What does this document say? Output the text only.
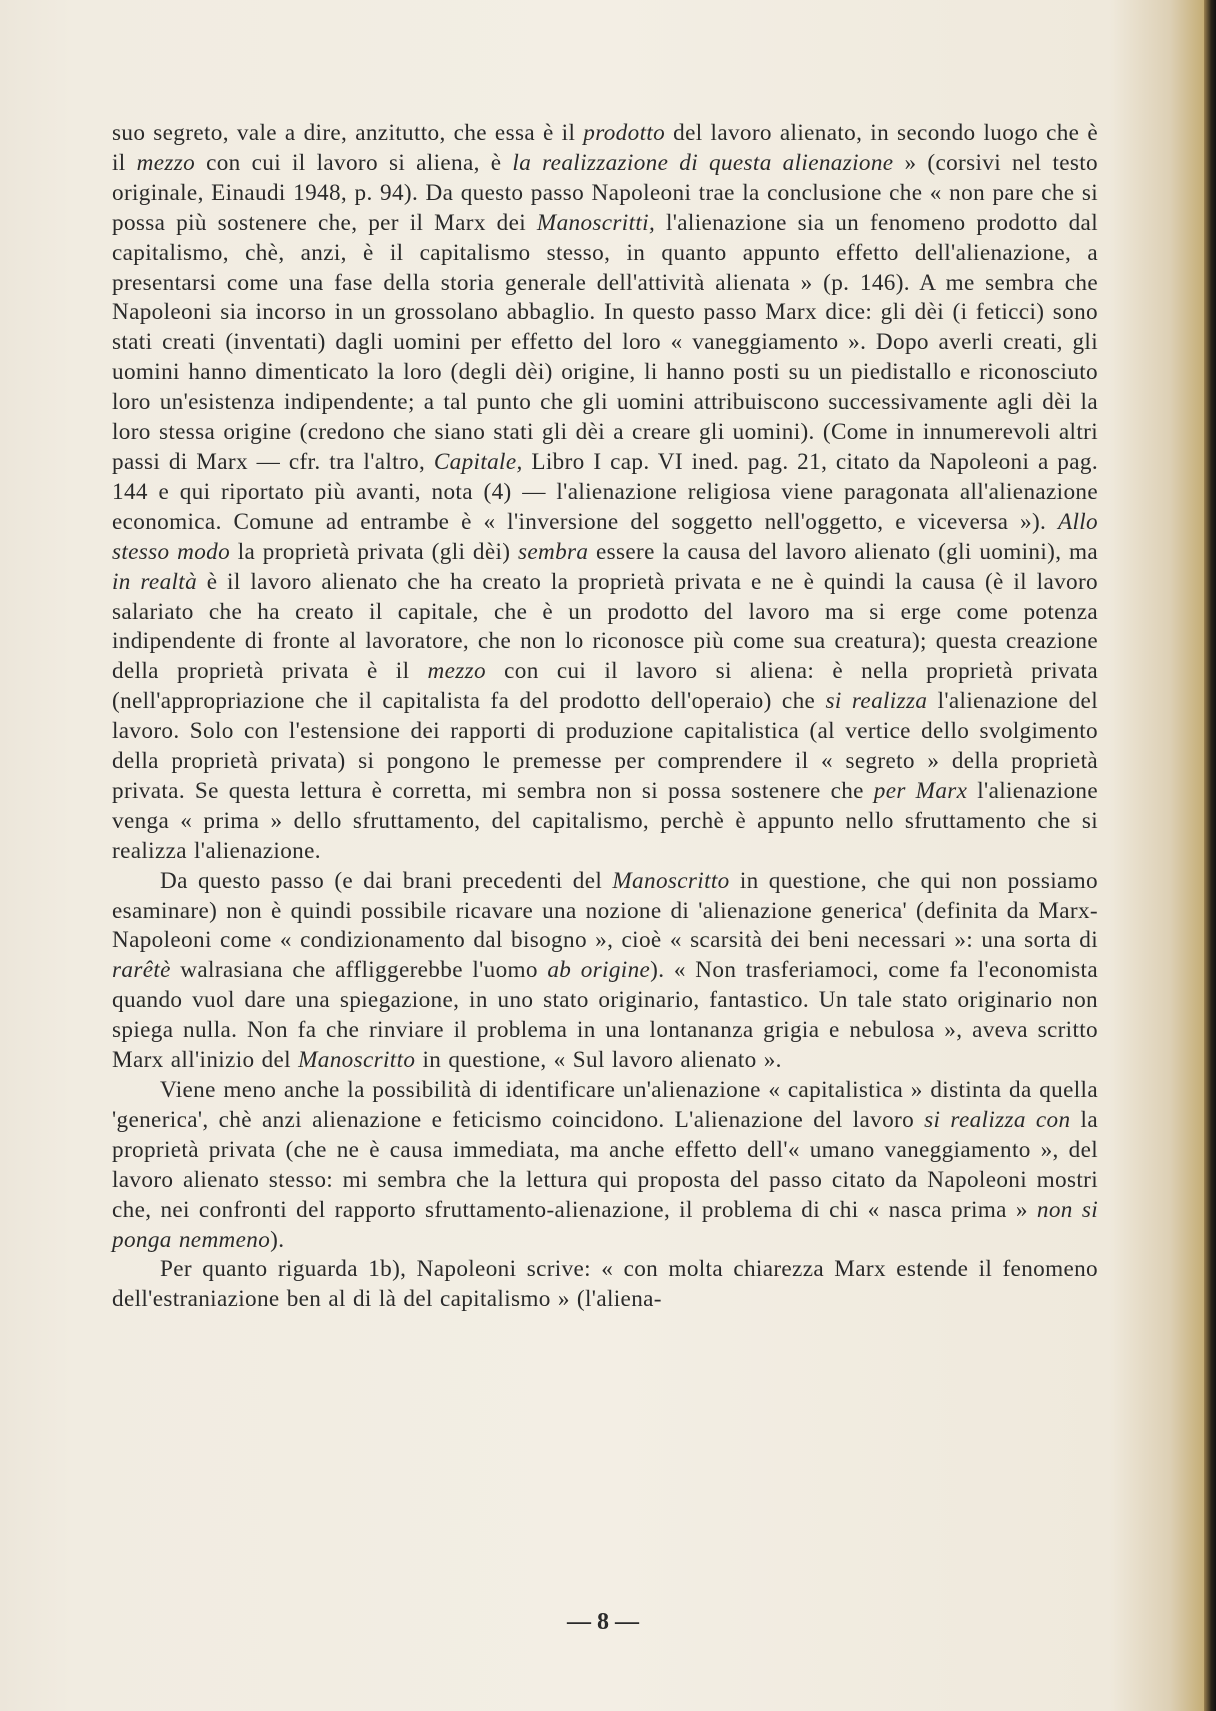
suo segreto, vale a dire, anzitutto, che essa è il prodotto del lavoro alienato, in secondo luogo che è il mezzo con cui il lavoro si aliena, è la realizzazione di questa alienazione » (corsivi nel testo originale, Einaudi 1948, p. 94). Da questo passo Napoleoni trae la conclusione che « non pare che si possa più sostenere che, per il Marx dei Manoscritti, l'alienazione sia un fenomeno prodotto dal capitalismo, chè, anzi, è il capitalismo stesso, in quanto appunto effetto dell'alienazione, a presentarsi come una fase della storia generale dell'attività alienata » (p. 146). A me sembra che Napoleoni sia incorso in un grossolano abbaglio. In questo passo Marx dice: gli dèi (i feticci) sono stati creati (inventati) dagli uomini per effetto del loro « vaneggiamento ». Dopo averli creati, gli uomini hanno dimenticato la loro (degli dèi) origine, li hanno posti su un piedistallo e riconosciuto loro un'esistenza indipendente; a tal punto che gli uomini attribuiscono successivamente agli dèi la loro stessa origine (credono che siano stati gli dèi a creare gli uomini). (Come in innumerevoli altri passi di Marx — cfr. tra l'altro, Capitale, Libro I cap. VI ined. pag. 21, citato da Napoleoni a pag. 144 e qui riportato più avanti, nota (4) — l'alienazione religiosa viene paragonata all'alienazione economica. Comune ad entrambe è « l'inversione del soggetto nell'oggetto, e viceversa »). Allo stesso modo la proprietà privata (gli dèi) sembra essere la causa del lavoro alienato (gli uomini), ma in realtà è il lavoro alienato che ha creato la proprietà privata e ne è quindi la causa (è il lavoro salariato che ha creato il capitale, che è un prodotto del lavoro ma si erge come potenza indipendente di fronte al lavoratore, che non lo riconosce più come sua creatura); questa creazione della proprietà privata è il mezzo con cui il lavoro si aliena: è nella proprietà privata (nell'appropriazione che il capitalista fa del prodotto dell'operaio) che si realizza l'alienazione del lavoro. Solo con l'estensione dei rapporti di produzione capitalistica (al vertice dello svolgimento della proprietà privata) si pongono le premesse per comprendere il « segreto » della proprietà privata. Se questa lettura è corretta, mi sembra non si possa sostenere che per Marx l'alienazione venga « prima » dello sfruttamento, del capitalismo, perchè è appunto nello sfruttamento che si realizza l'alienazione.

Da questo passo (e dai brani precedenti del Manoscritto in questione, che qui non possiamo esaminare) non è quindi possibile ricavare una nozione di 'alienazione generica' (definita da Marx-Napoleoni come « condizionamento dal bisogno », cioè « scarsità dei beni necessari »: una sorta di rarêtè walrasiana che affliggerebbe l'uomo ab origine). « Non trasferiamoci, come fa l'economista quando vuol dare una spiegazione, in uno stato originario, fantastico. Un tale stato originario non spiega nulla. Non fa che rinviare il problema in una lontananza grigia e nebulosa », aveva scritto Marx all'inizio del Manoscritto in questione, « Sul lavoro alienato ».

Viene meno anche la possibilità di identificare un'alienazione « capitalistica » distinta da quella 'generica', chè anzi alienazione e feticismo coincidono. L'alienazione del lavoro si realizza con la proprietà privata (che ne è causa immediata, ma anche effetto dell'« umano vaneggiamento », del lavoro alienato stesso: mi sembra che la lettura qui proposta del passo citato da Napoleoni mostri che, nei confronti del rapporto sfruttamento-alienazione, il problema di chi « nasca prima » non si ponga nemmeno).

Per quanto riguarda 1b), Napoleoni scrive: « con molta chiarezza Marx estende il fenomeno dell'estraniazione ben al di là del capitalismo » (l'aliena-

— 8 —
